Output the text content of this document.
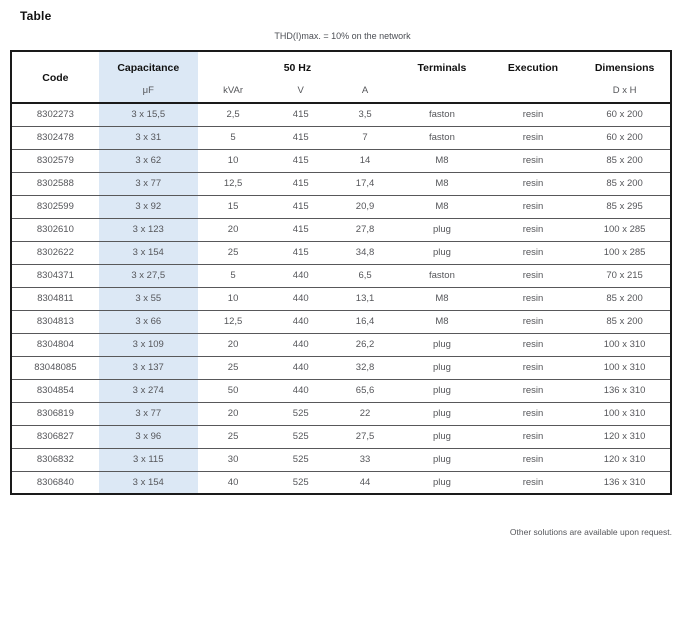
Table
THD(I)max. = 10% on the network
Code	Capacitance	50 Hz			Terminals	Execution	Dimensions
	μF	kVAr	V	A			D x H
8302273	3 x 15,5	2,5	415	3,5	faston	resin	60 x 200
8302478	3 x 31	5	415	7	faston	resin	60 x 200
8302579	3 x 62	10	415	14	M8	resin	85 x 200
8302588	3 x 77	12,5	415	17,4	M8	resin	85 x 200
8302599	3 x 92	15	415	20,9	M8	resin	85 x 295
8302610	3 x 123	20	415	27,8	plug	resin	100 x 285
8302622	3 x 154	25	415	34,8	plug	resin	100 x 285
8304371	3 x 27,5	5	440	6,5	faston	resin	70 x 215
8304811	3 x 55	10	440	13,1	M8	resin	85 x 200
8304813	3 x 66	12,5	440	16,4	M8	resin	85 x 200
8304804	3 x 109	20	440	26,2	plug	resin	100 x 310
83048085	3 x 137	25	440	32,8	plug	resin	100 x 310
8304854	3 x 274	50	440	65,6	plug	resin	136 x 310
8306819	3 x 77	20	525	22	plug	resin	100 x 310
8306827	3 x 96	25	525	27,5	plug	resin	120 x 310
8306832	3 x 115	30	525	33	plug	resin	120 x 310
8306840	3 x 154	40	525	44	plug	resin	136 x 310
Other solutions are available upon request.
